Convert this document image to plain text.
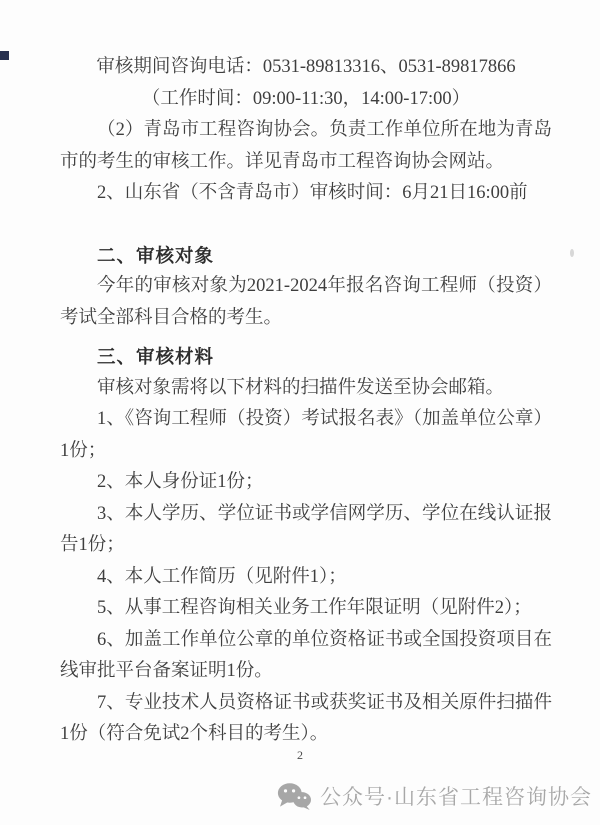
审核期间咨询电话：0531-89813316、0531-89817866

（工作时间：09:00-11:30，14:00-17:00）

（2）青岛市工程咨询协会。负责工作单位所在地为青岛市的考生的审核工作。详见青岛市工程咨询协会网站。

2、山东省（不含青岛市）审核时间：6月21日16:00前

二、审核对象

今年的审核对象为2021-2024年报名咨询工程师（投资）考试全部科目合格的考生。

三、审核材料

审核对象需将以下材料的扫描件发送至协会邮箱。

1、《咨询工程师（投资）考试报名表》（加盖单位公章）1份；

2、本人身份证1份；

3、本人学历、学位证书或学信网学历、学位在线认证报告1份；

4、本人工作简历（见附件1）；

5、从事工程咨询相关业务工作年限证明（见附件2）；

6、加盖工作单位公章的单位资格证书或全国投资项目在线审批平台备案证明1份。

7、专业技术人员资格证书或获奖证书及相关原件扫描件1份（符合免试2个科目的考生）。

2
公众号·山东省工程咨询协会
